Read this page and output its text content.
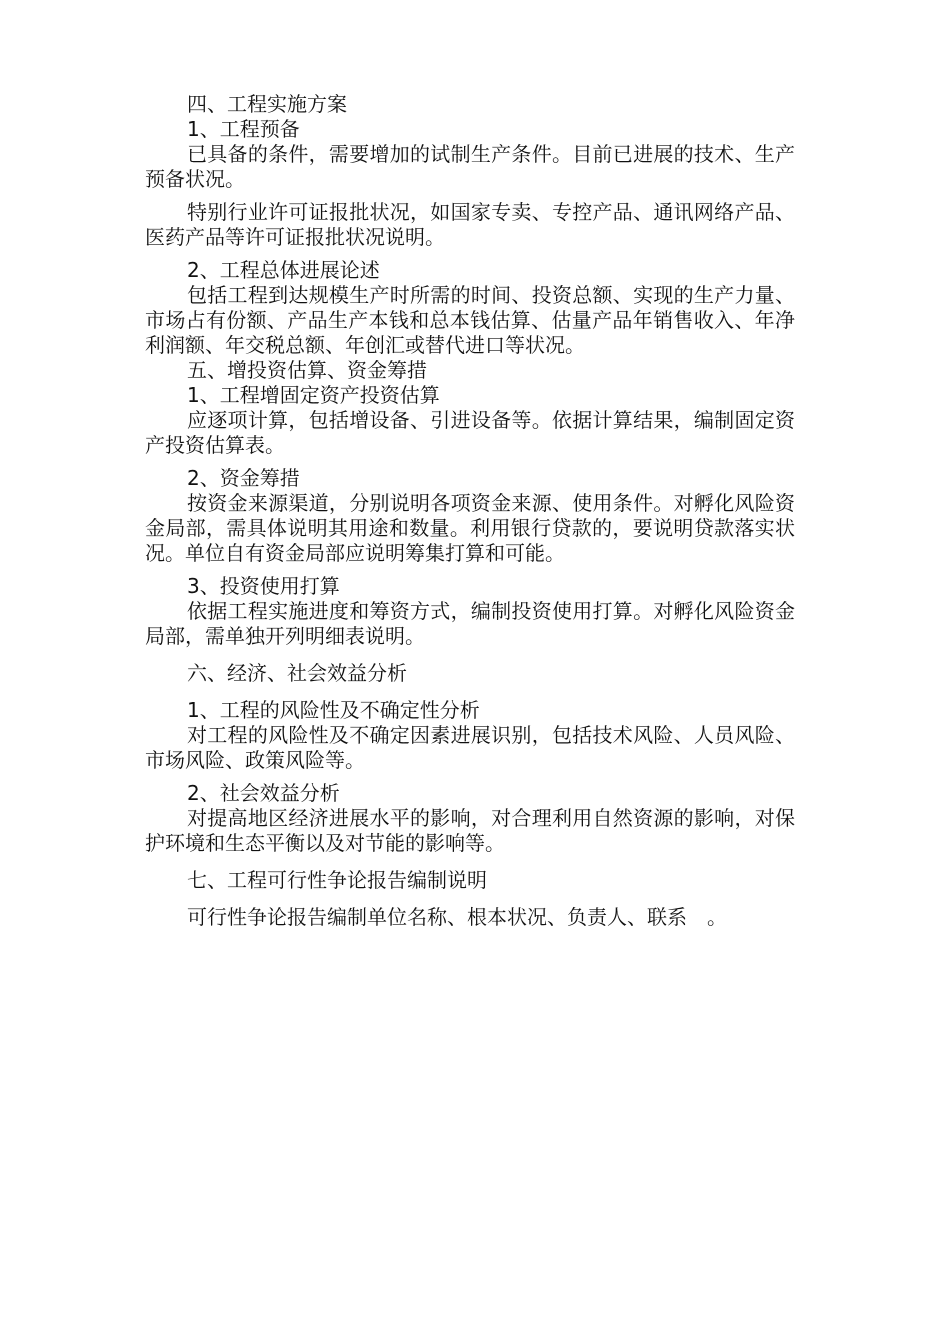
四、工程实施方案

1、工程预备

已具备的条件，需要增加的试制生产条件。目前已进展的技术、生产预备状况。

特别行业许可证报批状况，如国家专卖、专控产品、通讯网络产品、医药产品等许可证报批状况说明。

2、工程总体进展论述

包括工程到达规模生产时所需的时间、投资总额、实现的生产力量、市场占有份额、产品生产本钱和总本钱估算、估量产品年销售收入、年净利润额、年交税总额、年创汇或替代进口等状况。

五、增投资估算、资金筹措

1、工程增固定资产投资估算

应逐项计算，包括增设备、引进设备等。依据计算结果，编制固定资产投资估算表。

2、资金筹措

按资金来源渠道，分别说明各项资金来源、使用条件。对孵化风险资金局部，需具体说明其用途和数量。利用银行贷款的，要说明贷款落实状况。单位自有资金局部应说明筹集打算和可能。

3、投资使用打算

依据工程实施进度和筹资方式，编制投资使用打算。对孵化风险资金局部，需单独开列明细表说明。

六、经济、社会效益分析

1、工程的风险性及不确定性分析

对工程的风险性及不确定因素进展识别，包括技术风险、人员风险、市场风险、政策风险等。

2、社会效益分析

对提高地区经济进展水平的影响，对合理利用自然资源的影响，对保护环境和生态平衡以及对节能的影响等。

七、工程可行性争论报告编制说明

可行性争论报告编制单位名称、根本状况、负责人、联系　。
